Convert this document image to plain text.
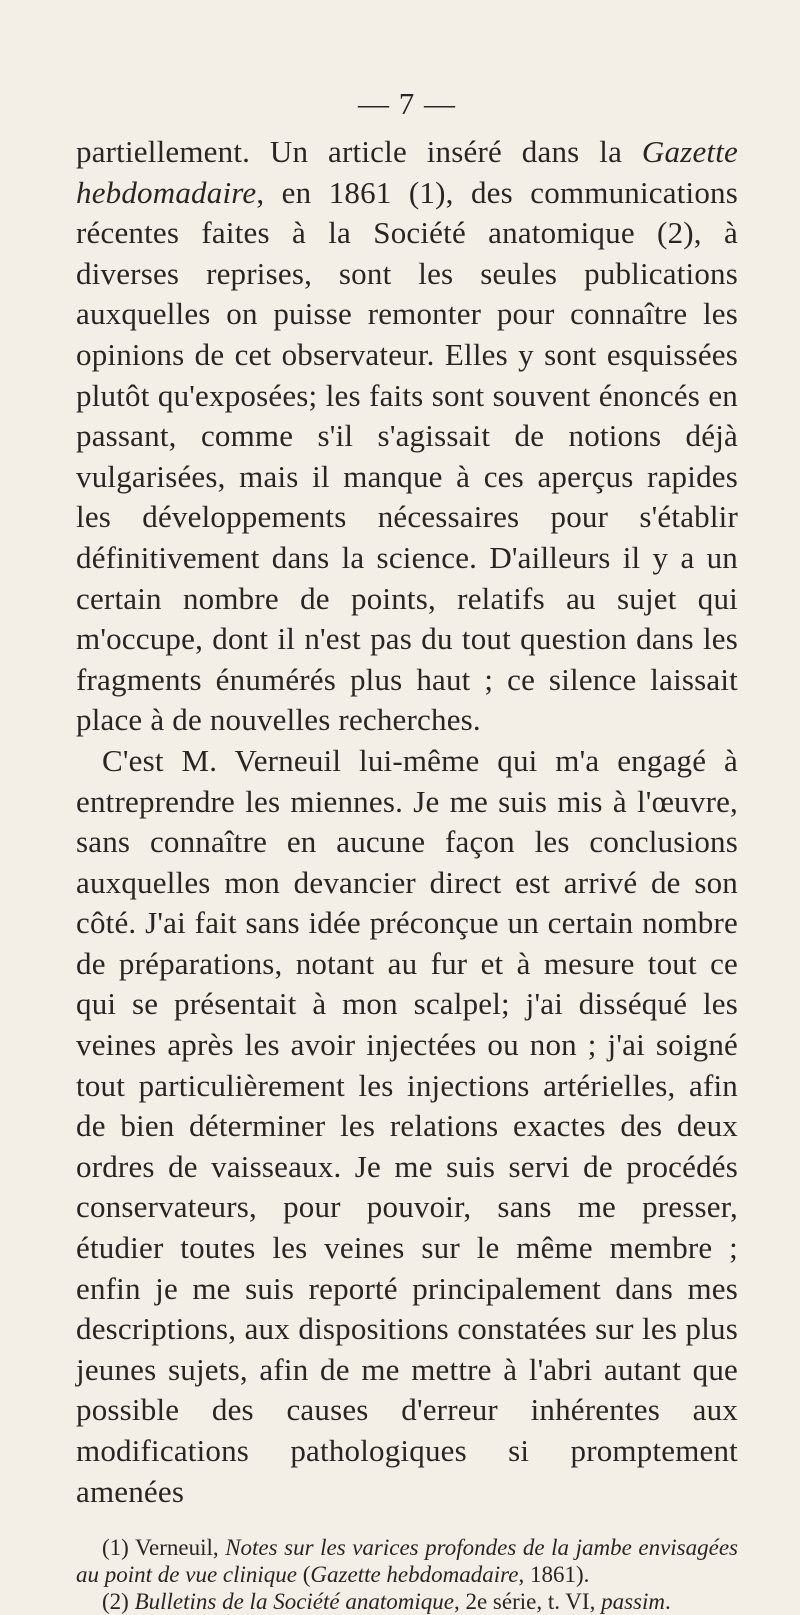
— 7 —

partiellement. Un article inséré dans la Gazette hebdomadaire, en 1861 (1), des communications récentes faites à la Société anatomique (2), à diverses reprises, sont les seules publications auxquelles on puisse remonter pour connaître les opinions de cet observateur. Elles y sont esquissées plutôt qu'exposées; les faits sont souvent énoncés en passant, comme s'il s'agissait de notions déjà vulgarisées, mais il manque à ces aperçus rapides les développements nécessaires pour s'établir définitivement dans la science. D'ailleurs il y a un certain nombre de points, relatifs au sujet qui m'occupe, dont il n'est pas du tout question dans les fragments énumérés plus haut ; ce silence laissait place à de nouvelles recherches.

C'est M. Verneuil lui-même qui m'a engagé à entreprendre les miennes. Je me suis mis à l'œuvre, sans connaître en aucune façon les conclusions auxquelles mon devancier direct est arrivé de son côté. J'ai fait sans idée préconçue un certain nombre de préparations, notant au fur et à mesure tout ce qui se présentait à mon scalpel; j'ai disséqué les veines après les avoir injectées ou non ; j'ai soigné tout particulièrement les injections artérielles, afin de bien déterminer les relations exactes des deux ordres de vaisseaux. Je me suis servi de procédés conservateurs, pour pouvoir, sans me presser, étudier toutes les veines sur le même membre ; enfin je me suis reporté principalement dans mes descriptions, aux dispositions constatées sur les plus jeunes sujets, afin de me mettre à l'abri autant que possible des causes d'erreur inhérentes aux modifications pathologiques si promptement amenées

(1) Verneuil, Notes sur les varices profondes de la jambe envisagées au point de vue clinique (Gazette hebdomadaire, 1861).

(2) Bulletins de la Société anatomique, 2e série, t. VI, passim.
